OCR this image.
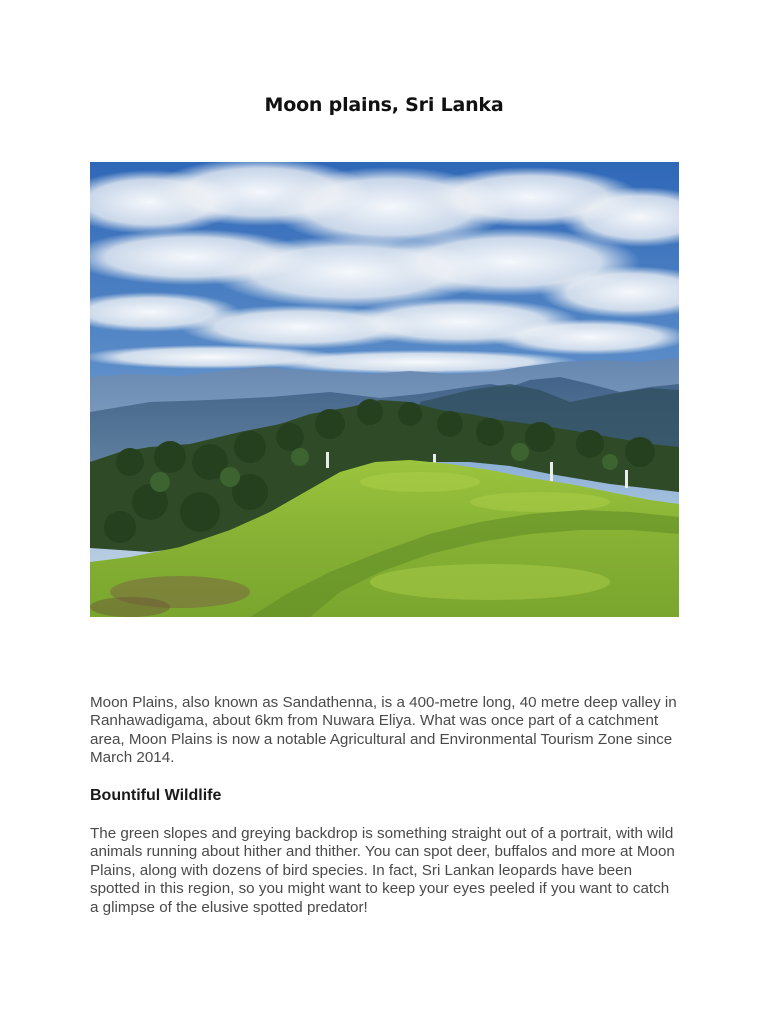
Moon plains, Sri Lanka

Moon Plains, also known as Sandathenna, is a 400-metre long, 40 metre deep valley in Ranhawadigama, about 6km from Nuwara Eliya. What was once part of a catchment area, Moon Plains is now a notable Agricultural and Environmental Tourism Zone since March 2014.

Bountiful Wildlife

The green slopes and greying backdrop is something straight out of a portrait, with wild animals running about hither and thither. You can spot deer, buffalos and more at Moon Plains, along with dozens of bird species. In fact, Sri Lankan leopards have been spotted in this region, so you might want to keep your eyes peeled if you want to catch a glimpse of the elusive spotted predator!
